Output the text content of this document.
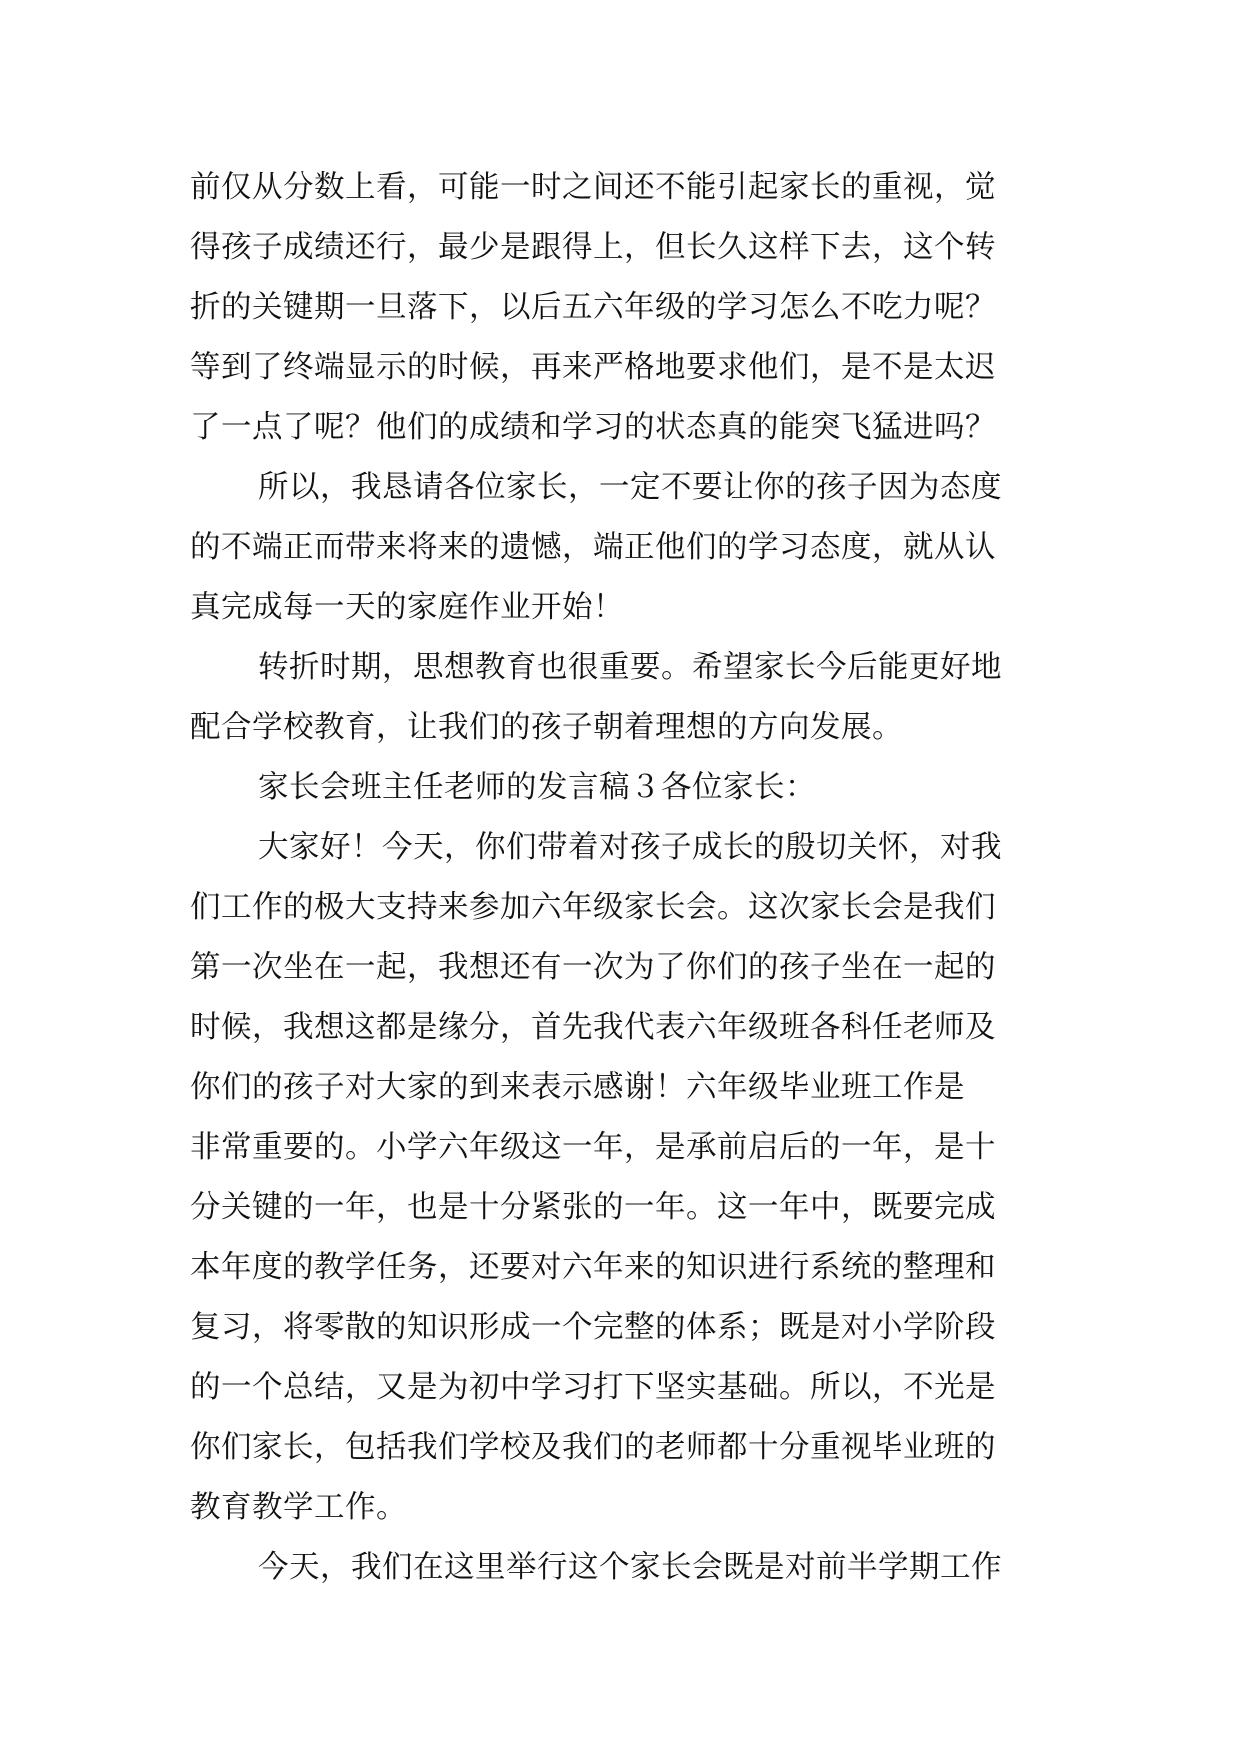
前仅从分数上看，可能一时之间还不能引起家长的重视，觉
得孩子成绩还行，最少是跟得上，但长久这样下去，这个转
折的关键期一旦落下，以后五六年级的学习怎么不吃力呢？
等到了终端显示的时候，再来严格地要求他们，是不是太迟
了一点了呢？他们的成绩和学习的状态真的能突飞猛进吗？
所以，我恳请各位家长，一定不要让你的孩子因为态度
的不端正而带来将来的遗憾，端正他们的学习态度，就从认
真完成每一天的家庭作业开始！
转折时期，思想教育也很重要。希望家长今后能更好地
配合学校教育，让我们的孩子朝着理想的方向发展。
家长会班主任老师的发言稿３各位家长：
大家好！今天，你们带着对孩子成长的殷切关怀，对我
们工作的极大支持来参加六年级家长会。这次家长会是我们
第一次坐在一起，我想还有一次为了你们的孩子坐在一起的
时候，我想这都是缘分，首先我代表六年级班各科任老师及
你们的孩子对大家的到来表示感谢！六年级毕业班工作是
非常重要的。小学六年级这一年，是承前启后的一年，是十
分关键的一年，也是十分紧张的一年。这一年中，既要完成
本年度的教学任务，还要对六年来的知识进行系统的整理和
复习，将零散的知识形成一个完整的体系；既是对小学阶段
的一个总结，又是为初中学习打下坚实基础。所以，不光是
你们家长，包括我们学校及我们的老师都十分重视毕业班的
教育教学工作。
今天，我们在这里举行这个家长会既是对前半学期工作
